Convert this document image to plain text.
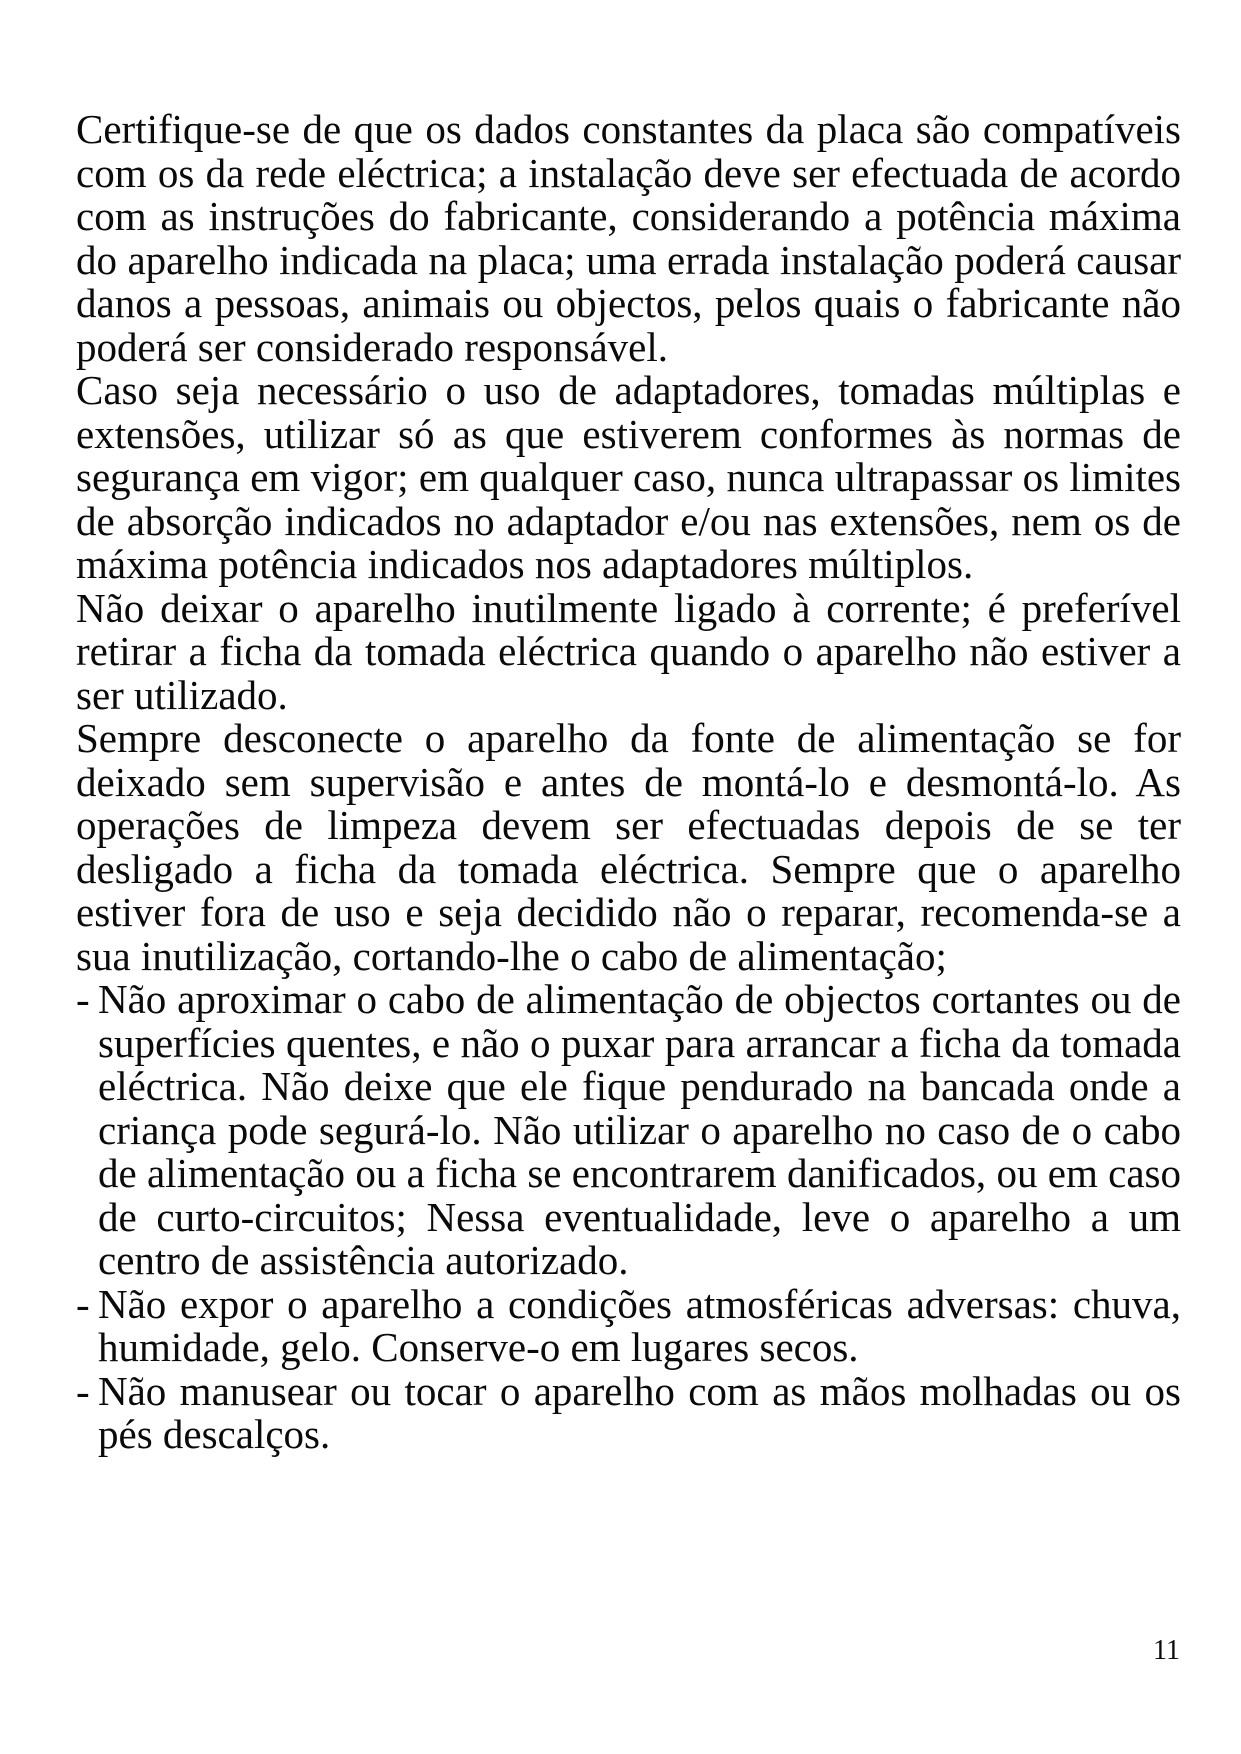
Certifique-se de que os dados constantes da placa são compatíveis com os da rede eléctrica; a instalação deve ser efectuada de acordo com as instruções do fabricante, considerando a potência máxima do aparelho indicada na placa; uma errada instalação poderá causar danos a pessoas, animais ou objectos, pelos quais o fabricante não poderá ser considerado responsável.

Caso seja necessário o uso de adaptadores, tomadas múltiplas e extensões, utilizar só as que estiverem conformes às normas de segurança em vigor; em qualquer caso, nunca ultrapassar os limites de absorção indicados no adaptador e/ou nas extensões, nem os de máxima potência indicados nos adaptadores múltiplos.

Não deixar o aparelho inutilmente ligado à corrente; é preferível retirar a ficha da tomada eléctrica quando o aparelho não estiver a ser utilizado.

Sempre desconecte o aparelho da fonte de alimentação se for deixado sem supervisão e antes de montá-lo e desmontá-lo. As operações de limpeza devem ser efectuadas depois de se ter desligado a ficha da tomada eléctrica. Sempre que o aparelho estiver fora de uso e seja decidido não o reparar, recomenda-se a sua inutilização, cortando-lhe o cabo de alimentação;

- Não aproximar o cabo de alimentação de objectos cortantes ou de superfícies quentes, e não o puxar para arrancar a ficha da tomada eléctrica. Não deixe que ele fique pendurado na bancada onde a criança pode segurá-lo. Não utilizar o aparelho no caso de o cabo de alimentação ou a ficha se encontrarem danificados, ou em caso de curto-circuitos; Nessa eventualidade, leve o aparelho a um centro de assistência autorizado.
- Não expor o aparelho a condições atmosféricas adversas: chuva, humidade, gelo. Conserve-o em lugares secos.
- Não manusear ou tocar o aparelho com as mãos molhadas ou os pés descalços.
11
